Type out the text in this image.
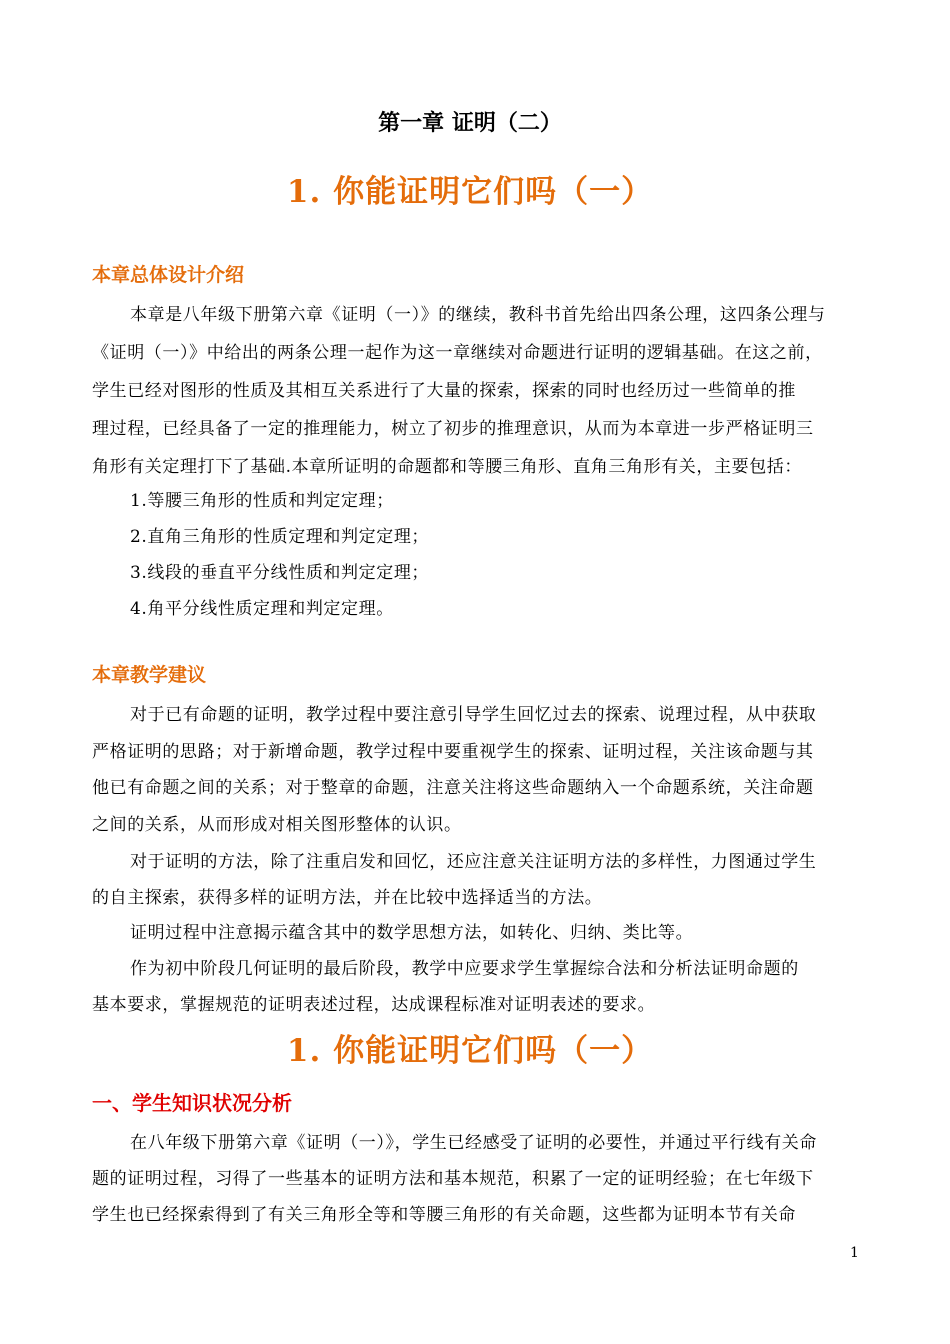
第一章 证明（二）
1. 你能证明它们吗（一）
本章总体设计介绍
本章是八年级下册第六章《证明（一）》的继续，教科书首先给出四条公理，这四条公理与
《证明（一）》中给出的两条公理一起作为这一章继续对命题进行证明的逻辑基础。在这之前，
学生已经对图形的性质及其相互关系进行了大量的探索，探索的同时也经历过一些简单的推
理过程，已经具备了一定的推理能力，树立了初步的推理意识，从而为本章进一步严格证明三
角形有关定理打下了基础.本章所证明的命题都和等腰三角形、直角三角形有关，主要包括：
1.等腰三角形的性质和判定定理；
2.直角三角形的性质定理和判定定理；
3.线段的垂直平分线性质和判定定理；
4.角平分线性质定理和判定定理。
本章教学建议
对于已有命题的证明，教学过程中要注意引导学生回忆过去的探索、说理过程，从中获取
严格证明的思路；对于新增命题，教学过程中要重视学生的探索、证明过程，关注该命题与其
他已有命题之间的关系；对于整章的命题，注意关注将这些命题纳入一个命题系统，关注命题
之间的关系，从而形成对相关图形整体的认识。
对于证明的方法，除了注重启发和回忆，还应注意关注证明方法的多样性，力图通过学生
的自主探索，获得多样的证明方法，并在比较中选择适当的方法。
证明过程中注意揭示蕴含其中的数学思想方法，如转化、归纳、类比等。
作为初中阶段几何证明的最后阶段，教学中应要求学生掌握综合法和分析法证明命题的
基本要求，掌握规范的证明表述过程，达成课程标准对证明表述的要求。
1. 你能证明它们吗（一）
一、学生知识状况分析
在八年级下册第六章《证明（一）》，学生已经感受了证明的必要性，并通过平行线有关命
题的证明过程，习得了一些基本的证明方法和基本规范，积累了一定的证明经验；在七年级下
学生也已经探索得到了有关三角形全等和等腰三角形的有关命题，这些都为证明本节有关命
1
